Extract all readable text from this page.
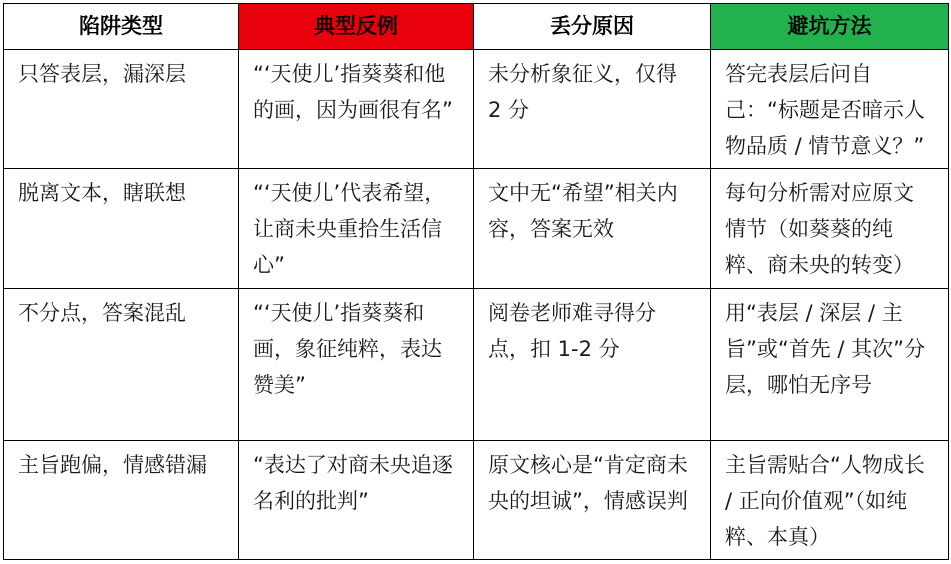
陷阱类型	典型反例	丢分原因	避坑方法
只答表层，漏深层	“‘天使儿’指葵葵和他的画，因为画很有名”	未分析象征义，仅得 2 分	答完表层后问自己：“标题是否暗示人物品质 / 情节意义？”
脱离文本，瞎联想	“‘天使儿’代表希望，让商未央重拾生活信心”	文中无“希望”相关内容，答案无效	每句分析需对应原文情节（如葵葵的纯粹、商未央的转变）
不分点，答案混乱	“‘天使儿’指葵葵和画，象征纯粹，表达赞美”	阅卷老师难寻得分点，扣 1-2 分	用“表层 / 深层 / 主旨”或“首先 / 其次”分层，哪怕无序号
主旨跑偏，情感错漏	“表达了对商未央追逐名利的批判”	原文核心是“肯定商未央的坦诚”，情感误判	主旨需贴合“人物成长 / 正向价值观”（如纯粹、本真）
